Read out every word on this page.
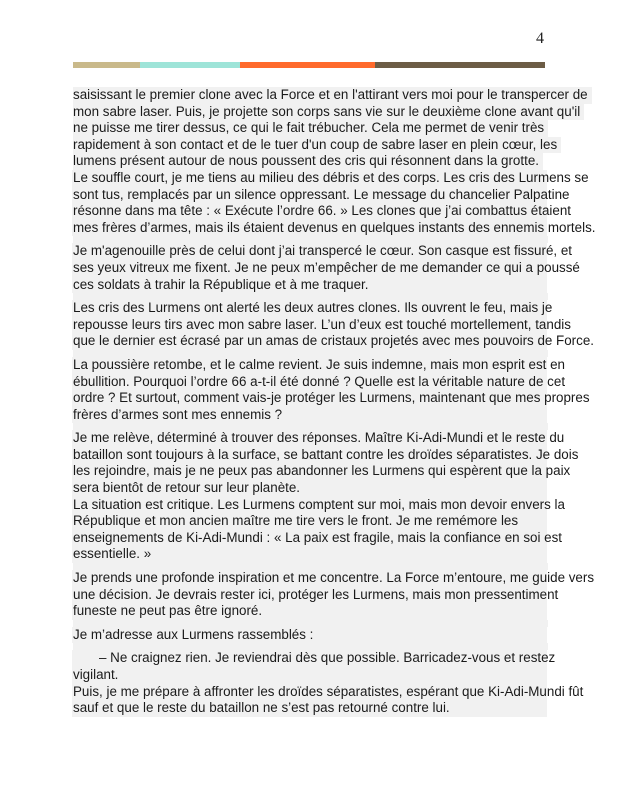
4
saisissant le premier clone avec la Force et en l'attirant vers moi pour le transpercer de
mon sabre laser. Puis, je projette son corps sans vie sur le deuxième clone avant qu'il
ne puisse me tirer dessus, ce qui le fait trébucher. Cela me permet de venir très
rapidement à son contact et de le tuer d'un coup de sabre laser en plein cœur, les
lumens présent autour de nous poussent des cris qui résonnent dans la grotte.
Le souffle court, je me tiens au milieu des débris et des corps. Les cris des Lurmens se
sont tus, remplacés par un silence oppressant. Le message du chancelier Palpatine
résonne dans ma tête : « Exécute l’ordre 66. » Les clones que j’ai combattus étaient
mes frères d’armes, mais ils étaient devenus en quelques instants des ennemis mortels.
Je m'agenouille près de celui dont j’ai transpercé le cœur. Son casque est fissuré, et
ses yeux vitreux me fixent. Je ne peux m’empêcher de me demander ce qui a poussé
ces soldats à trahir la République et à me traquer.
Les cris des Lurmens ont alerté les deux autres clones. Ils ouvrent le feu, mais je
repousse leurs tirs avec mon sabre laser. L’un d’eux est touché mortellement, tandis
que le dernier est écrasé par un amas de cristaux projetés avec mes pouvoirs de Force.
La poussière retombe, et le calme revient. Je suis indemne, mais mon esprit est en
ébullition. Pourquoi l’ordre 66 a-t-il été donné ? Quelle est la véritable nature de cet
ordre ? Et surtout, comment vais-je protéger les Lurmens, maintenant que mes propres
frères d’armes sont mes ennemis ?
Je me relève, déterminé à trouver des réponses. Maître Ki-Adi-Mundi et le reste du
bataillon sont toujours à la surface, se battant contre les droïdes séparatistes. Je dois
les rejoindre, mais je ne peux pas abandonner les Lurmens qui espèrent que la paix
sera bientôt de retour sur leur planète.
La situation est critique. Les Lurmens comptent sur moi, mais mon devoir envers la
République et mon ancien maître me tire vers le front. Je me remémore les
enseignements de Ki-Adi-Mundi : « La paix est fragile, mais la confiance en soi est
essentielle. »
Je prends une profonde inspiration et me concentre. La Force m’entoure, me guide vers
une décision. Je devrais rester ici, protéger les Lurmens, mais mon pressentiment
funeste ne peut pas être ignoré.
Je m’adresse aux Lurmens rassemblés :
– Ne craignez rien. Je reviendrai dès que possible. Barricadez-vous et restez
vigilant.
Puis, je me prépare à affronter les droïdes séparatistes, espérant que Ki-Adi-Mundi fût
sauf et que le reste du bataillon ne s’est pas retourné contre lui.
